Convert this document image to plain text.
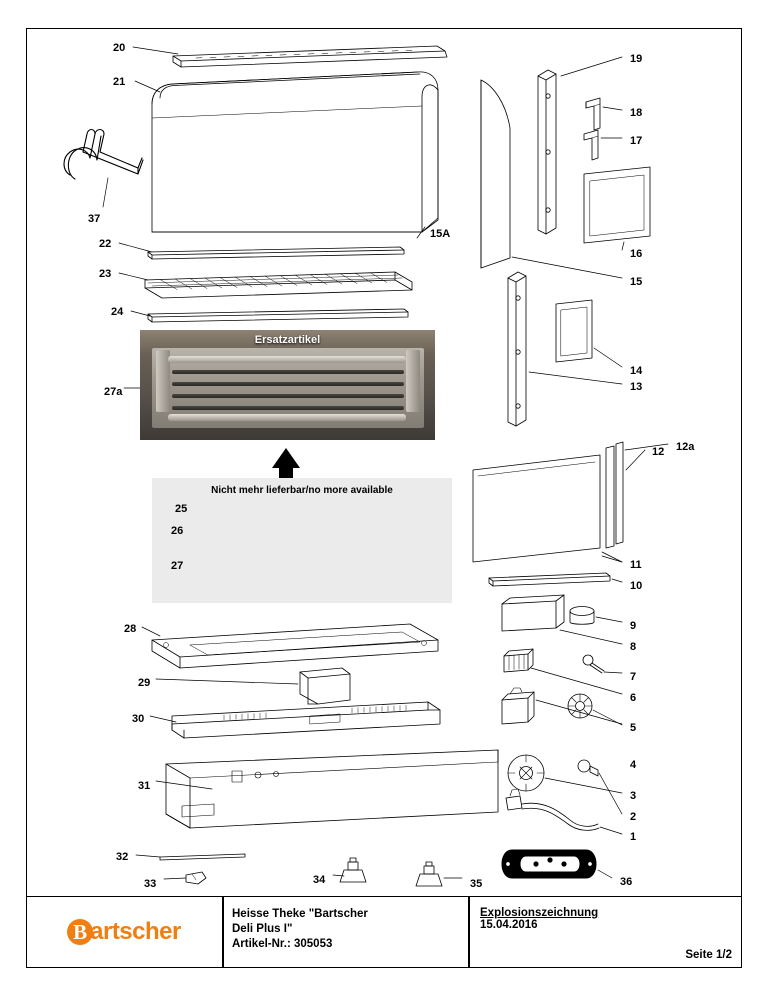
Ersatzartikel
Nicht mehr lieferbar/no more available
20
21
19
18
17
37
15A
16
15
22
23
24
14
13
27a
12a
12
25
26
27	11
10
9
8
7
6
5
4
3
2
1
28
29
30
31
32
33	34	35	36
B artscher
Heisse Theke "Bartscher
Deli Plus I"
Artikel-Nr.: 305053
Explosionszeichnung
15.04.2016
Seite 1/2
